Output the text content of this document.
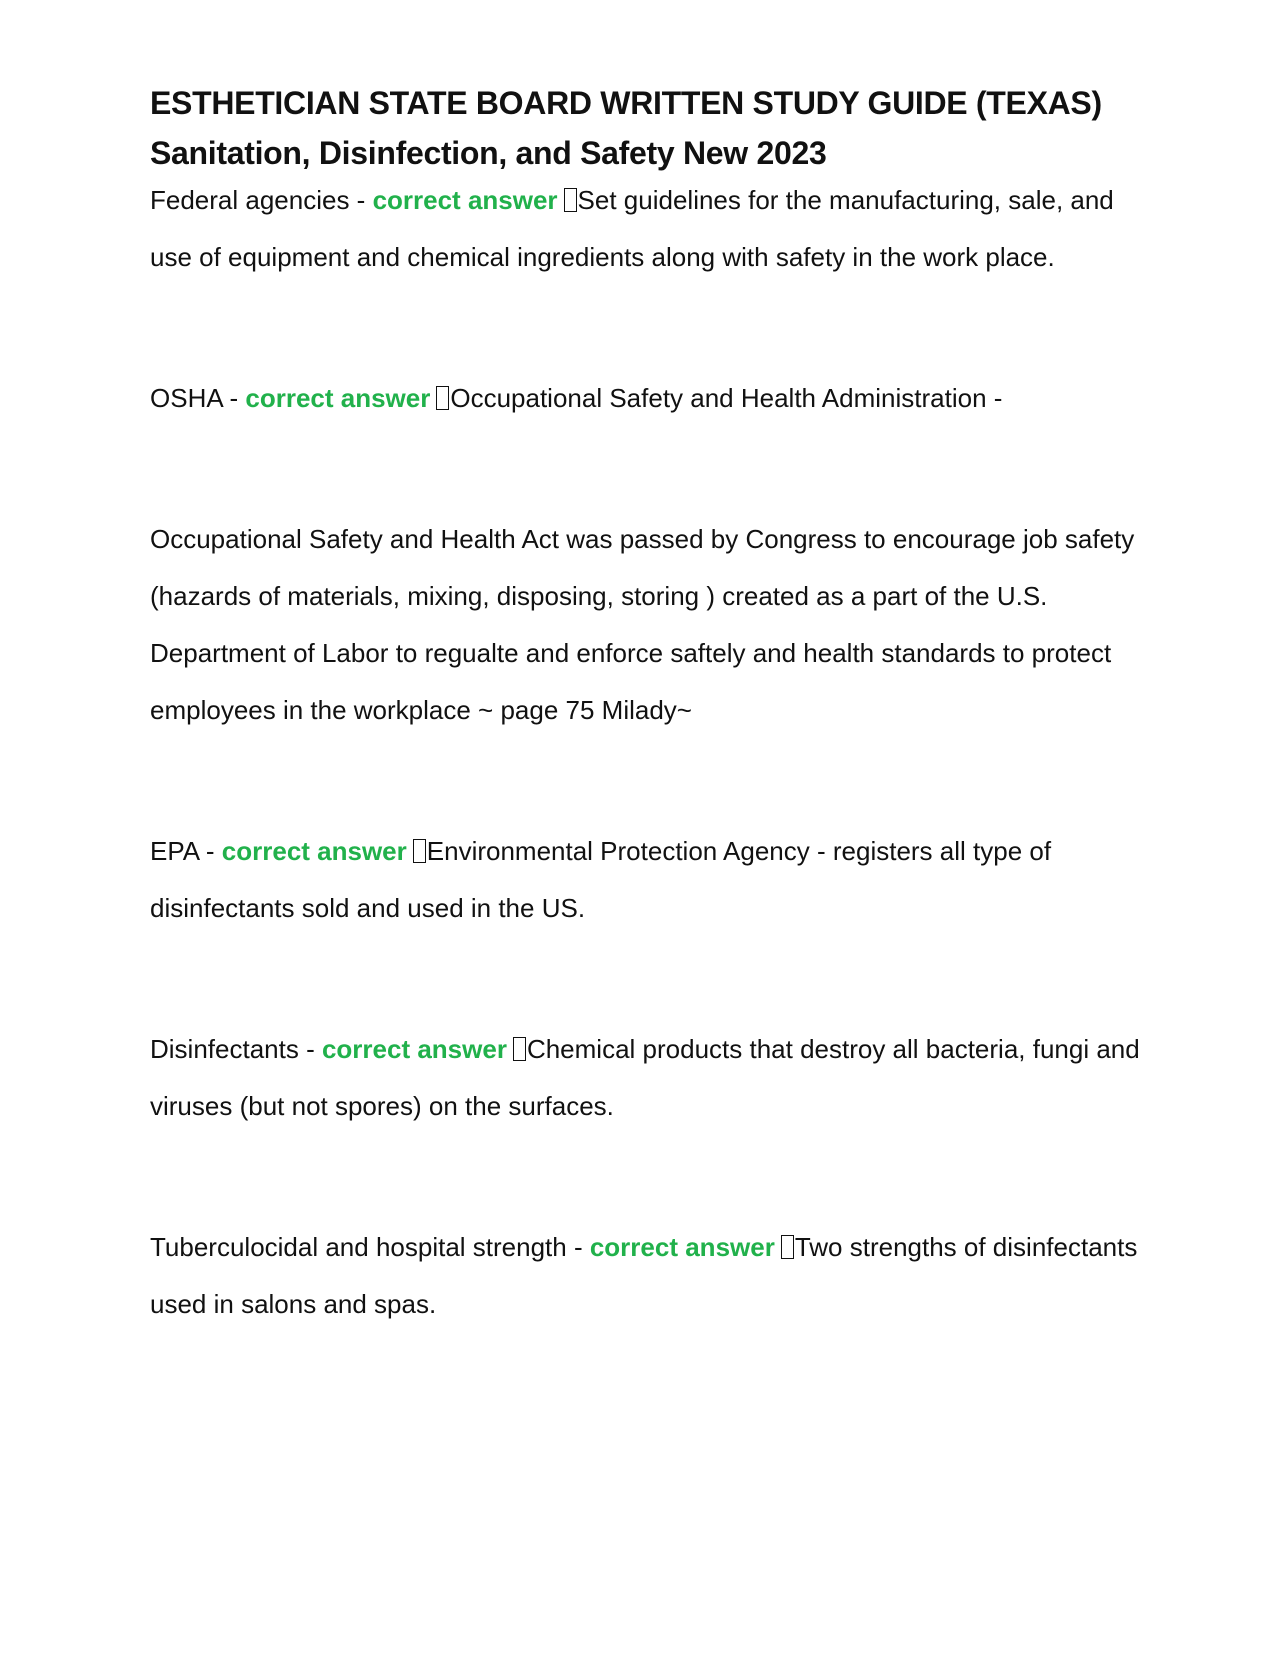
ESTHETICIAN STATE BOARD WRITTEN STUDY GUIDE (TEXAS) Sanitation, Disinfection, and Safety New 2023

Federal agencies - correct answer Set guidelines for the manufacturing, sale, and use of equipment and chemical ingredients along with safety in the work place.

OSHA - correct answer Occupational Safety and Health Administration -

Occupational Safety and Health Act was passed by Congress to encourage job safety (hazards of materials, mixing, disposing, storing ) created as a part of the U.S. Department of Labor to regualte and enforce saftely and health standards to protect employees in the workplace ~ page 75 Milady~

EPA - correct answer Environmental Protection Agency - registers all type of disinfectants sold and used in the US.

Disinfectants - correct answer Chemical products that destroy all bacteria, fungi and viruses (but not spores) on the surfaces.

Tuberculocidal and hospital strength - correct answer Two strengths of disinfectants used in salons and spas.
